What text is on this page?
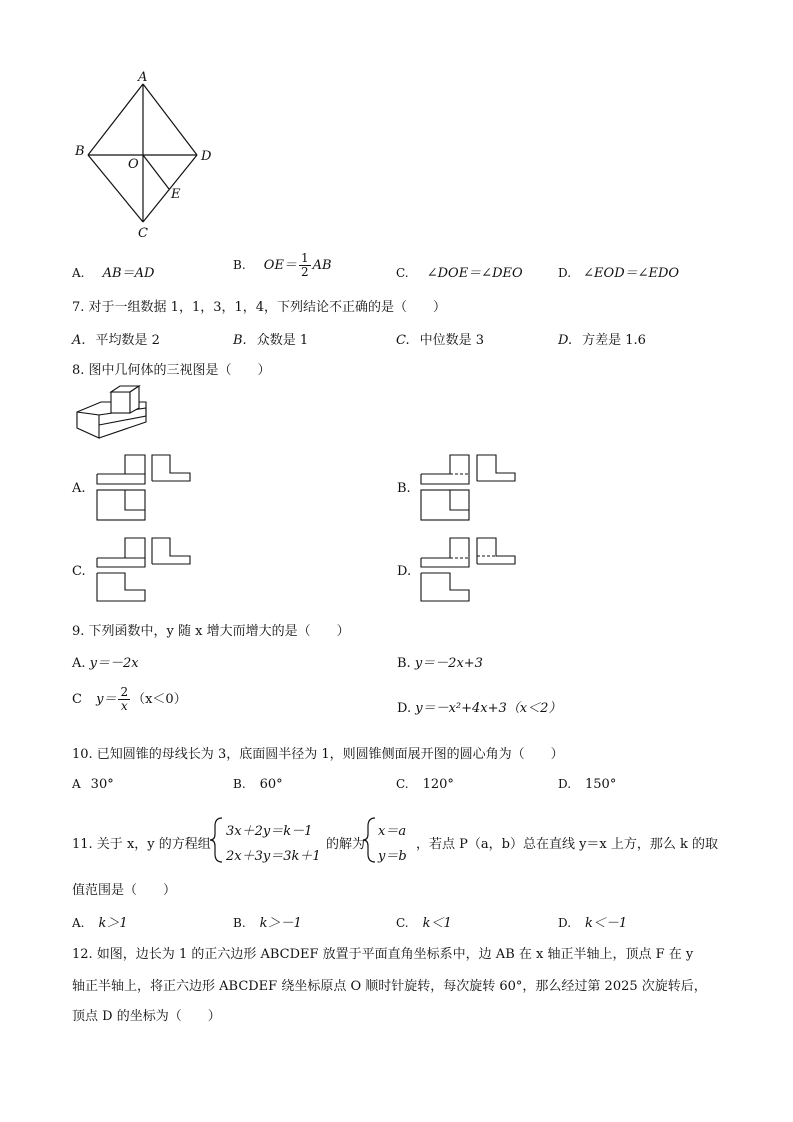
A
B
O
D
E
C
A. AB＝AD
B. $OE= \frac{1}{2}$ AB	C. ∠DOE＝∠DEO	D. ∠EOD＝∠EDO
7. 对于一组数据 1，1，3，1，4，下列结论不正确的是（　　）
A. 平均数是 2	B. 众数是 1	C. 中位数是 3	D. 方差是 1.6
8. 图中几何体的三视图是（　　）
A.	B.
C.	D.
9. 下列函数中，y 随 x 增大而增大的是（　　）
A. y＝－2x	B. y＝－2x+3
C $y= \frac{2}{x} (x<0)$
D. y＝－x²+4x+3（x＜2）
10. 已知圆锥的母线长为 3，底面圆半径为 1，则圆锥侧面展开图的圆心角为（　　）
A 30°	B. 60°	C. 120°	D. 150°
11. 关于 x，y 的方程组
3x＋2y＝k－1
2x＋3y＝3k＋1
的解为
x＝a
y＝b
，若点 P（a，b）总在直线 y＝x 上方，那么 k 的取
值范围是（　　）
A. k＞1	B. k＞－1	C. k＜1	D. k＜－1
12. 如图，边长为 1 的正六边形 ABCDEF 放置于平面直角坐标系中，边 AB 在 x 轴正半轴上，顶点 F 在 y
轴正半轴上，将正六边形 ABCDEF 绕坐标原点 O 顺时针旋转，每次旋转 60°，那么经过第 2025 次旋转后，
顶点 D 的坐标为（　　）
